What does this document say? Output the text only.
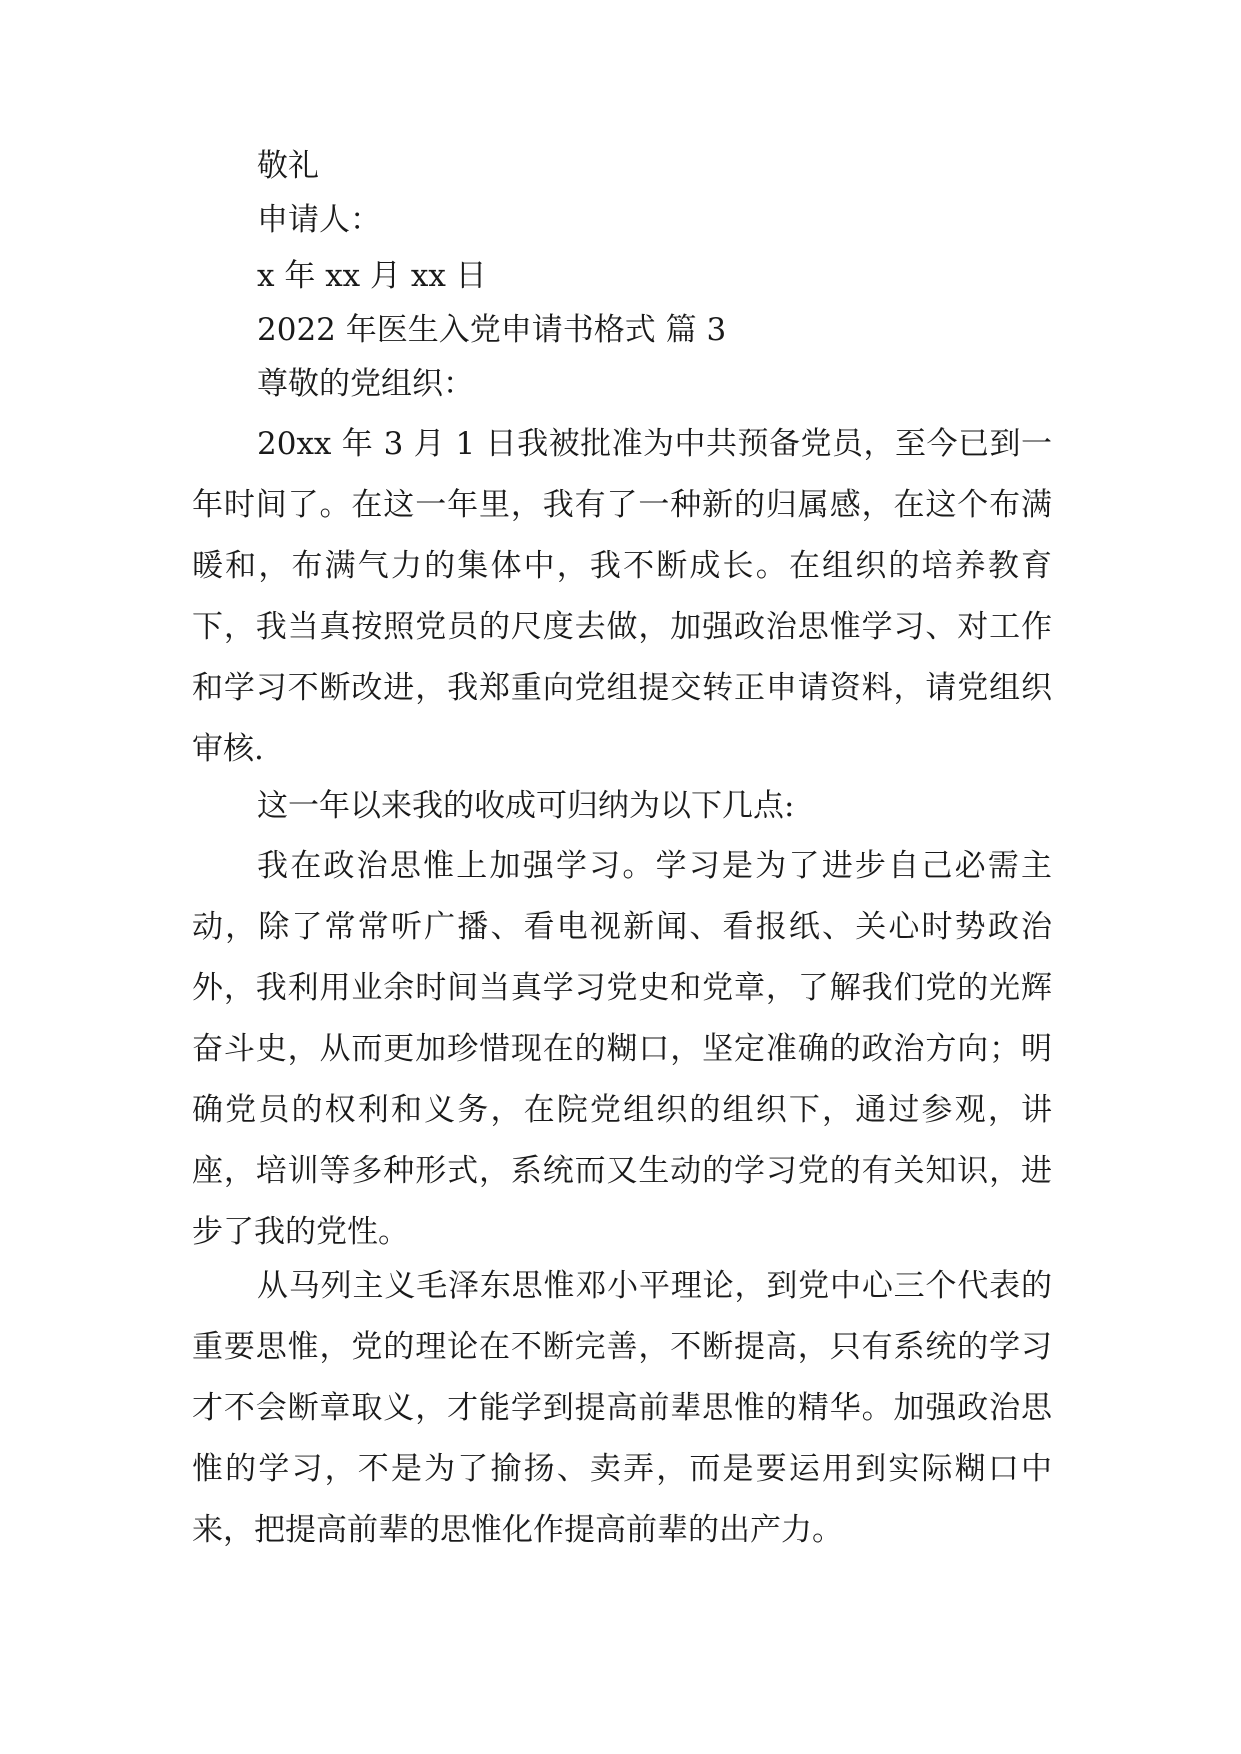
敬礼
申请人：
x 年 xx 月 xx 日
2022 年医生入党申请书格式 篇 3
尊敬的党组织：

20xx 年 3 月 1 日我被批准为中共预备党员，至今已到一年时间了。在这一年里，我有了一种新的归属感，在这个布满暖和，布满气力的集体中，我不断成长。在组织的培养教育下，我当真按照党员的尺度去做，加强政治思惟学习、对工作和学习不断改进，我郑重向党组提交转正申请资料，请党组织审核.

这一年以来我的收成可归纳为以下几点:

我在政治思惟上加强学习。学习是为了进步自己必需主动，除了常常听广播、看电视新闻、看报纸、关心时势政治外，我利用业余时间当真学习党史和党章，了解我们党的光辉奋斗史，从而更加珍惜现在的糊口，坚定准确的政治方向；明确党员的权利和义务，在院党组织的组织下，通过参观，讲座，培训等多种形式，系统而又生动的学习党的有关知识，进步了我的党性。

从马列主义毛泽东思惟邓小平理论，到党中心三个代表的重要思惟，党的理论在不断完善，不断提高，只有系统的学习才不会断章取义，才能学到提高前辈思惟的精华。加强政治思惟的学习，不是为了揄扬、卖弄，而是要运用到实际糊口中来，把提高前辈的思惟化作提高前辈的出产力。
